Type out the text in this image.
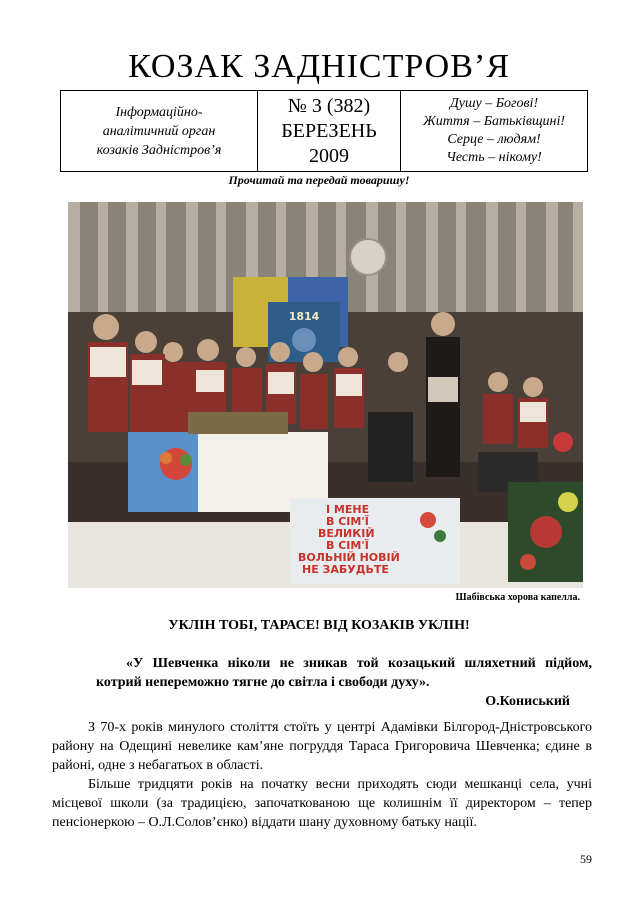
КОЗАК ЗАДНІСТРОВ’Я
Інформаційно-
аналітичний орган
козаків Задністров’я
№ 3 (382)
БЕРЕЗЕНЬ
2009
Душу – Богові!
Життя – Батьківщині!
Серце – людям!
Честь – нікому!
Прочитай та передай товаришу!
1814
І МЕНЕ
В СІМ'Ї
ВЕЛИКІЙ
В СІМ'Ї
ВОЛЬНІЙ НОВІЙ
НЕ ЗАБУДЬТЕ
Шабівська хорова капелла.
УКЛІН ТОБІ, ТАРАСЕ! ВІД КОЗАКІВ УКЛІН!
«У Шевченка ніколи не зникав той козацький шляхетний підйом, котрий непереможно тягне до світла і свободи духу».
О.Кониський

З 70-х років минулого століття стоїть у центрі Адамівки Білгород-Дністровського району на Одещині невелике кам’яне погруддя Тараса Григоровича Шевченка; єдине в районі, одне з небагатьох в області.

Більше тридцяти років на початку весни приходять сюди мешканці села, учні місцевої школи (за традицією, започаткованою ще колишнім її директором – тепер пенсіонеркою – О.Л.Солов’єнко) віддати шану духовному батьку нації.

59
